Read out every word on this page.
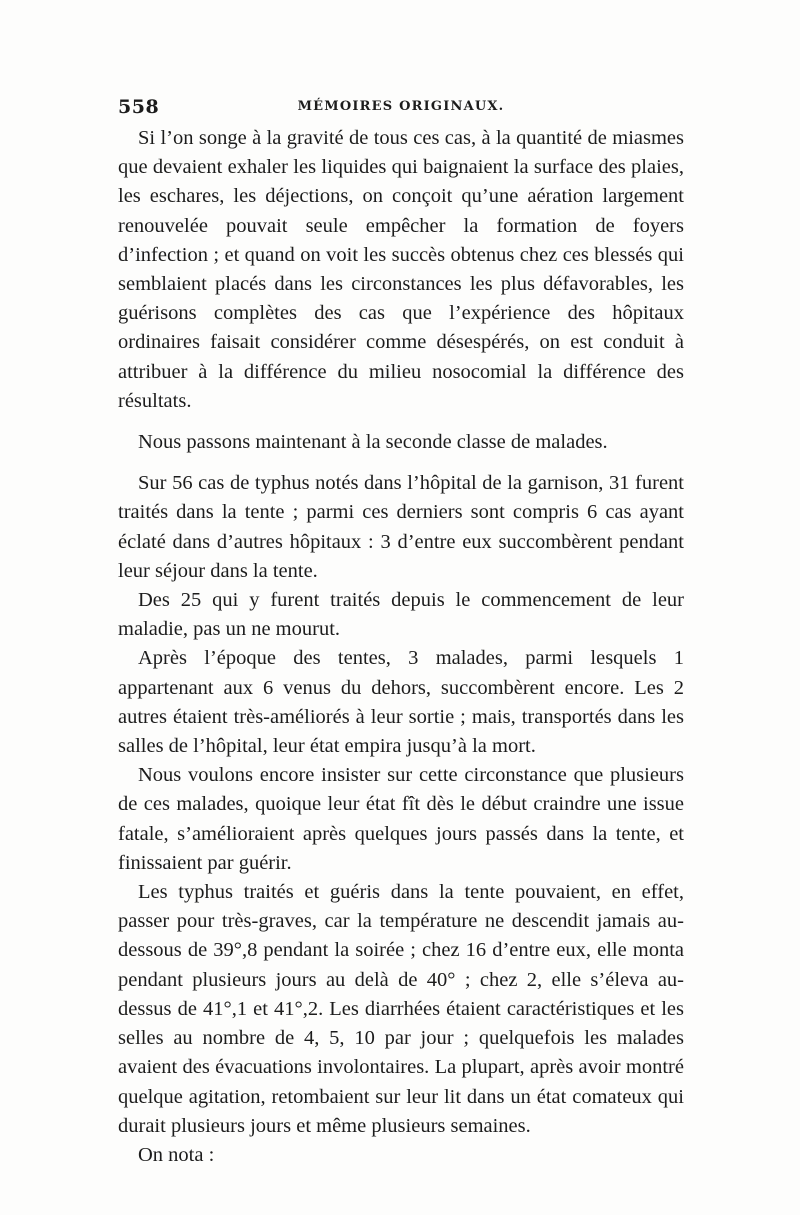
558	MÉMOIRES ORIGINAUX.

Si l’on songe à la gravité de tous ces cas, à la quantité de miasmes que devaient exhaler les liquides qui baignaient la surface des plaies, les eschares, les déjections, on conçoit qu’une aération largement renouvelée pouvait seule empêcher la formation de foyers d’infection ; et quand on voit les succès obtenus chez ces blessés qui semblaient placés dans les circonstances les plus défavorables, les guérisons complètes des cas que l’expérience des hôpitaux ordinaires faisait considérer comme désespérés, on est conduit à attribuer à la différence du milieu nosocomial la différence des résultats.

Nous passons maintenant à la seconde classe de malades.

Sur 56 cas de typhus notés dans l’hôpital de la garnison, 31 furent traités dans la tente ; parmi ces derniers sont compris 6 cas ayant éclaté dans d’autres hôpitaux : 3 d’entre eux succombèrent pendant leur séjour dans la tente.

Des 25 qui y furent traités depuis le commencement de leur maladie, pas un ne mourut.

Après l’époque des tentes, 3 malades, parmi lesquels 1 appartenant aux 6 venus du dehors, succombèrent encore. Les 2 autres étaient très-améliorés à leur sortie ; mais, transportés dans les salles de l’hôpital, leur état empira jusqu’à la mort.

Nous voulons encore insister sur cette circonstance que plusieurs de ces malades, quoique leur état fît dès le début craindre une issue fatale, s’amélioraient après quelques jours passés dans la tente, et finissaient par guérir.

Les typhus traités et guéris dans la tente pouvaient, en effet, passer pour très-graves, car la température ne descendit jamais au-dessous de 39°,8 pendant la soirée ; chez 16 d’entre eux, elle monta pendant plusieurs jours au delà de 40° ; chez 2, elle s’éleva au-dessus de 41°,1 et 41°,2. Les diarrhées étaient caractéristiques et les selles au nombre de 4, 5, 10 par jour ; quelquefois les malades avaient des évacuations involontaires. La plupart, après avoir montré quelque agitation, retombaient sur leur lit dans un état comateux qui durait plusieurs jours et même plusieurs semaines.

On nota :
